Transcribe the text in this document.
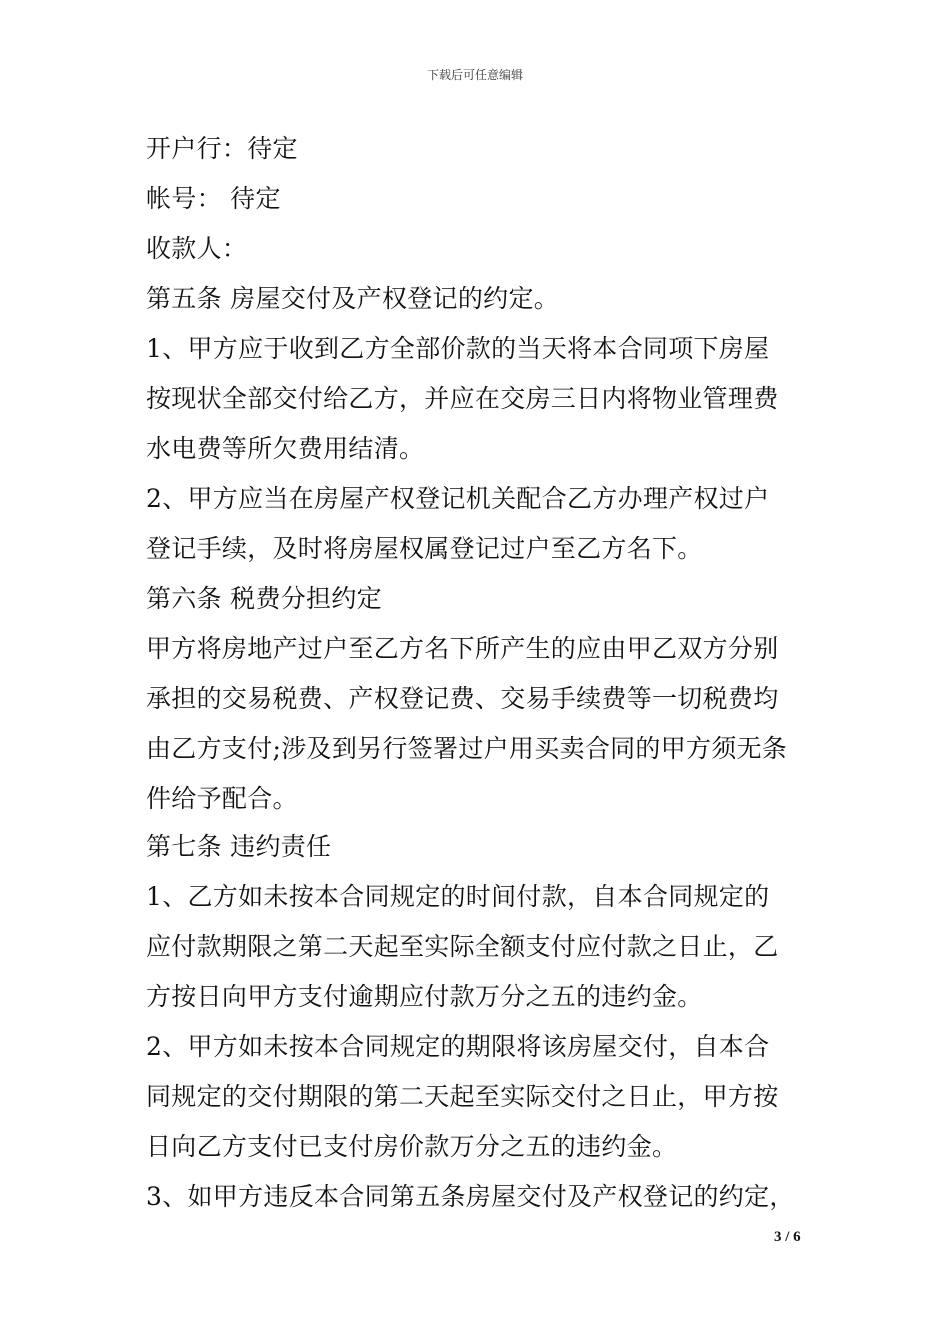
下载后可任意编辑
开户行：待定
帐号： 待定
收款人：
第五条 房屋交付及产权登记的约定。
1、甲方应于收到乙方全部价款的当天将本合同项下房屋
按现状全部交付给乙方，并应在交房三日内将物业管理费
水电费等所欠费用结清。
2、甲方应当在房屋产权登记机关配合乙方办理产权过户
登记手续，及时将房屋权属登记过户至乙方名下。
第六条 税费分担约定
甲方将房地产过户至乙方名下所产生的应由甲乙双方分别
承担的交易税费、产权登记费、交易手续费等一切税费均
由乙方支付;涉及到另行签署过户用买卖合同的甲方须无条
件给予配合。
第七条 违约责任
1、乙方如未按本合同规定的时间付款，自本合同规定的
应付款期限之第二天起至实际全额支付应付款之日止，乙
方按日向甲方支付逾期应付款万分之五的违约金。
2、甲方如未按本合同规定的期限将该房屋交付，自本合
同规定的交付期限的第二天起至实际交付之日止，甲方按
日向乙方支付已支付房价款万分之五的违约金。
3、如甲方违反本合同第五条房屋交付及产权登记的约定，
3 / 6
